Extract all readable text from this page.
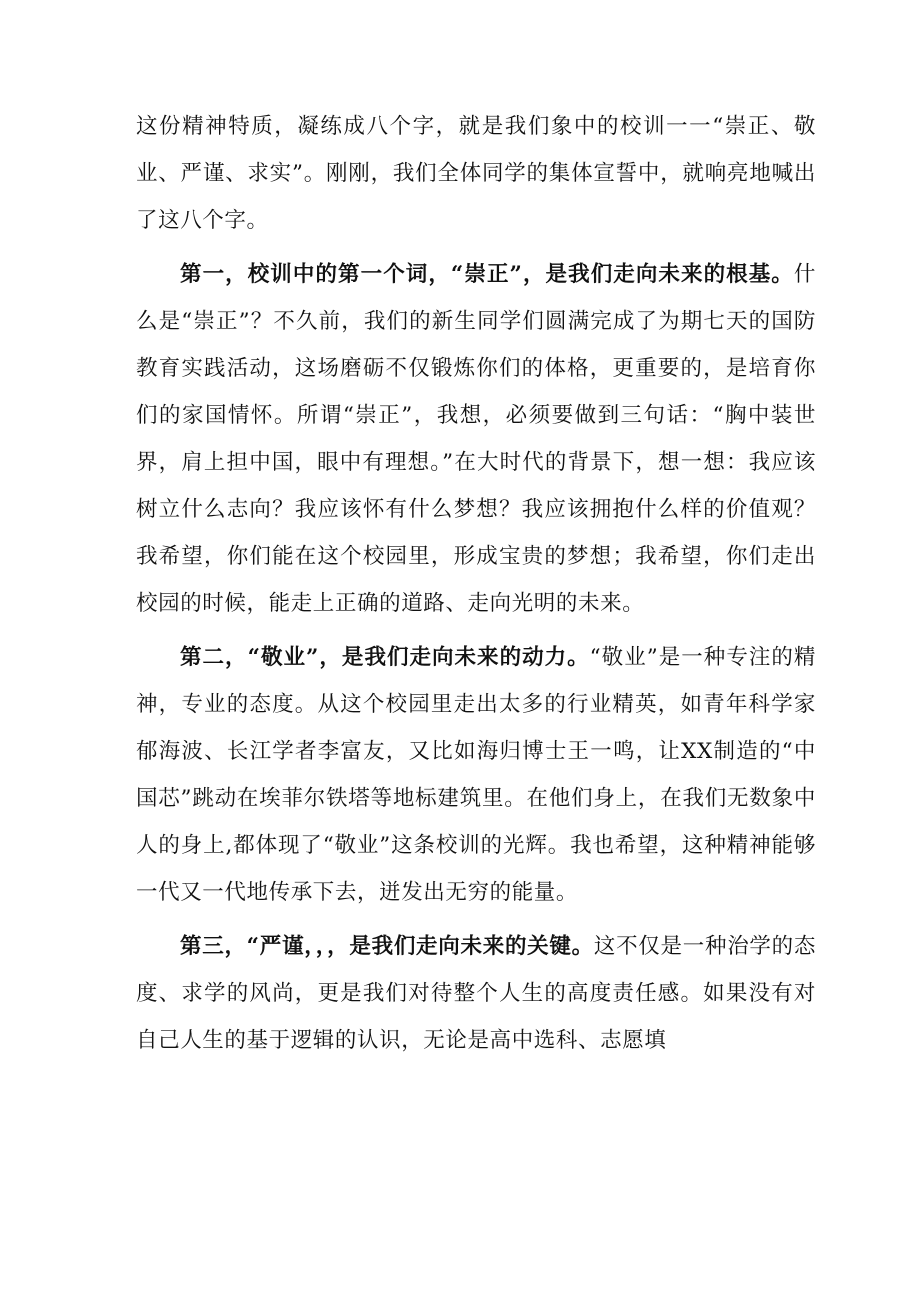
这份精神特质，凝练成八个字，就是我们象中的校训一一“崇正、敬业、严谨、求实”。刚刚，我们全体同学的集体宣誓中，就响亮地喊出了这八个字。

第一，校训中的第一个词，“崇正”，是我们走向未来的根基。什么是“崇正”？不久前，我们的新生同学们圆满完成了为期七天的国防教育实践活动，这场磨砺不仅锻炼你们的体格，更重要的，是培育你们的家国情怀。所谓“崇正”，我想，必须要做到三句话：“胸中装世界，肩上担中国，眼中有理想。”在大时代的背景下，想一想：我应该树立什么志向？我应该怀有什么梦想？我应该拥抱什么样的价值观？我希望，你们能在这个校园里，形成宝贵的梦想；我希望，你们走出校园的时候，能走上正确的道路、走向光明的未来。

第二，“敬业”，是我们走向未来的动力。“敬业”是一种专注的精神，专业的态度。从这个校园里走出太多的行业精英，如青年科学家郁海波、长江学者李富友，又比如海归博士王一鸣，让XX制造的“中国芯”跳动在埃菲尔铁塔等地标建筑里。在他们身上，在我们无数象中人的身上,都体现了“敬业”这条校训的光辉。我也希望，这种精神能够一代又一代地传承下去，迸发出无穷的能量。

第三，“严谨，，，是我们走向未来的关键。这不仅是一种治学的态度、求学的风尚，更是我们对待整个人生的高度责任感。如果没有对自己人生的基于逻辑的认识，无论是高中选科、志愿填
